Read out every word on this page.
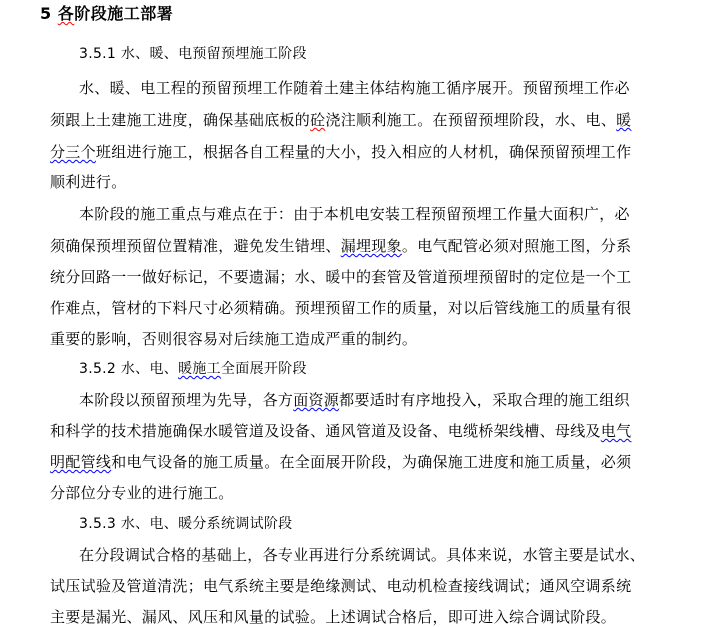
5 各阶段施工部署
3.5.1 水、暖、电预留预埋施工阶段
水、暖、电工程的预留预埋工作随着土建主体结构施工循序展开。预留预埋工作必
须跟上土建施工进度，确保基础底板的砼浇注顺利施工。在预留预埋阶段，水、电、暖
分三个班组进行施工，根据各自工程量的大小，投入相应的人材机，确保预留预埋工作
顺利进行。
本阶段的施工重点与难点在于：由于本机电安装工程预留预埋工作量大面积广，必
须确保预埋预留位置精准，避免发生错埋、漏埋现象。电气配管必须对照施工图，分系
统分回路一一做好标记，不要遗漏；水、暖中的套管及管道预埋预留时的定位是一个工
作难点，管材的下料尺寸必须精确。预埋预留工作的质量，对以后管线施工的质量有很
重要的影响，否则很容易对后续施工造成严重的制约。
3.5.2 水、电、暖施工全面展开阶段
本阶段以预留预埋为先导，各方面资源都要适时有序地投入，采取合理的施工组织
和科学的技术措施确保水暖管道及设备、通风管道及设备、电缆桥架线槽、母线及电气
明配管线和电气设备的施工质量。在全面展开阶段，为确保施工进度和施工质量，必须
分部位分专业的进行施工。
3.5.3 水、电、暖分系统调试阶段
在分段调试合格的基础上，各专业再进行分系统调试。具体来说，水管主要是试水、
试压试验及管道清洗；电气系统主要是绝缘测试、电动机检查接线调试；通风空调系统
主要是漏光、漏风、风压和风量的试验。上述调试合格后，即可进入综合调试阶段。
